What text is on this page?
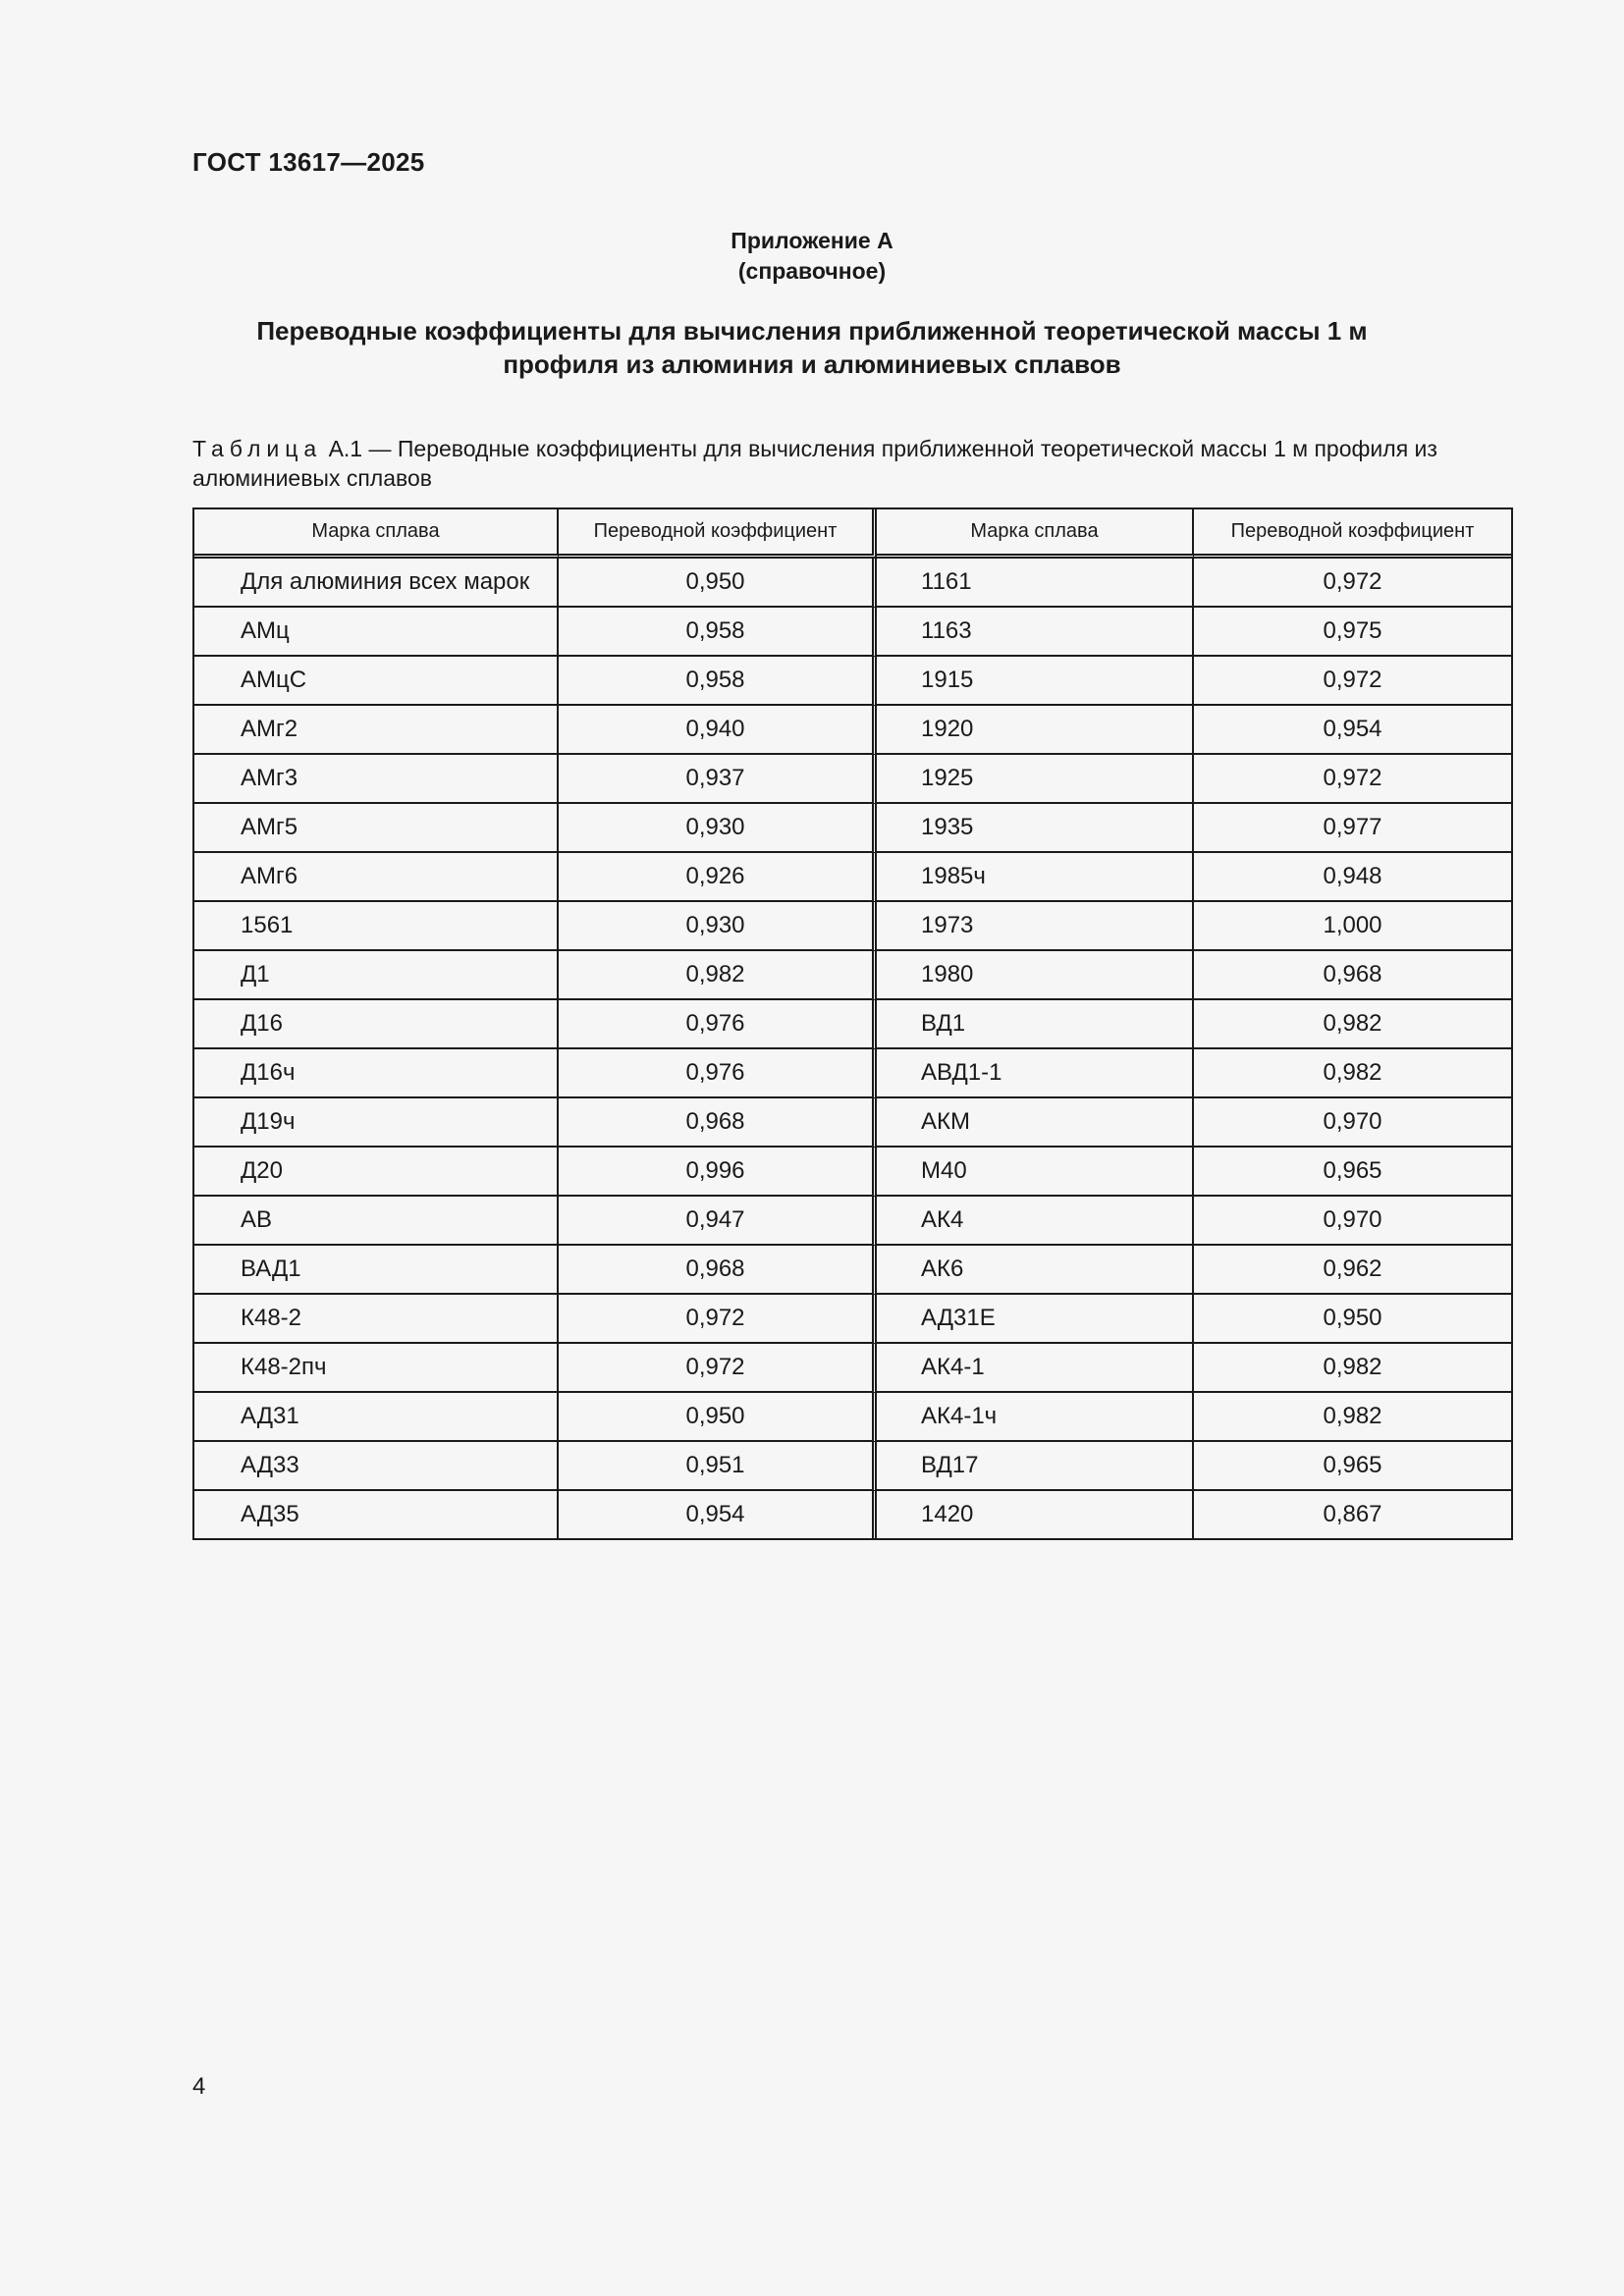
ГОСТ 13617—2025
Приложение А
(справочное)
Переводные коэффициенты для вычисления приближенной теоретической массы 1 м профиля из алюминия и алюминиевых сплавов
Таблица А.1 — Переводные коэффициенты для вычисления приближенной теоретической массы 1 м профиля из алюминиевых сплавов
Марка сплава	Переводной коэффициент	Марка сплава	Переводной коэффициент
Для алюминия всех марок	0,950	1161	0,972
АМц	0,958	1163	0,975
АМцС	0,958	1915	0,972
АМг2	0,940	1920	0,954
АМг3	0,937	1925	0,972
АМг5	0,930	1935	0,977
АМг6	0,926	1985ч	0,948
1561	0,930	1973	1,000
Д1	0,982	1980	0,968
Д16	0,976	ВД1	0,982
Д16ч	0,976	АВД1-1	0,982
Д19ч	0,968	АКМ	0,970
Д20	0,996	М40	0,965
АВ	0,947	АК4	0,970
ВАД1	0,968	АК6	0,962
К48-2	0,972	АД31Е	0,950
К48-2пч	0,972	АК4-1	0,982
АД31	0,950	АК4-1ч	0,982
АД33	0,951	ВД17	0,965
АД35	0,954	1420	0,867
4
